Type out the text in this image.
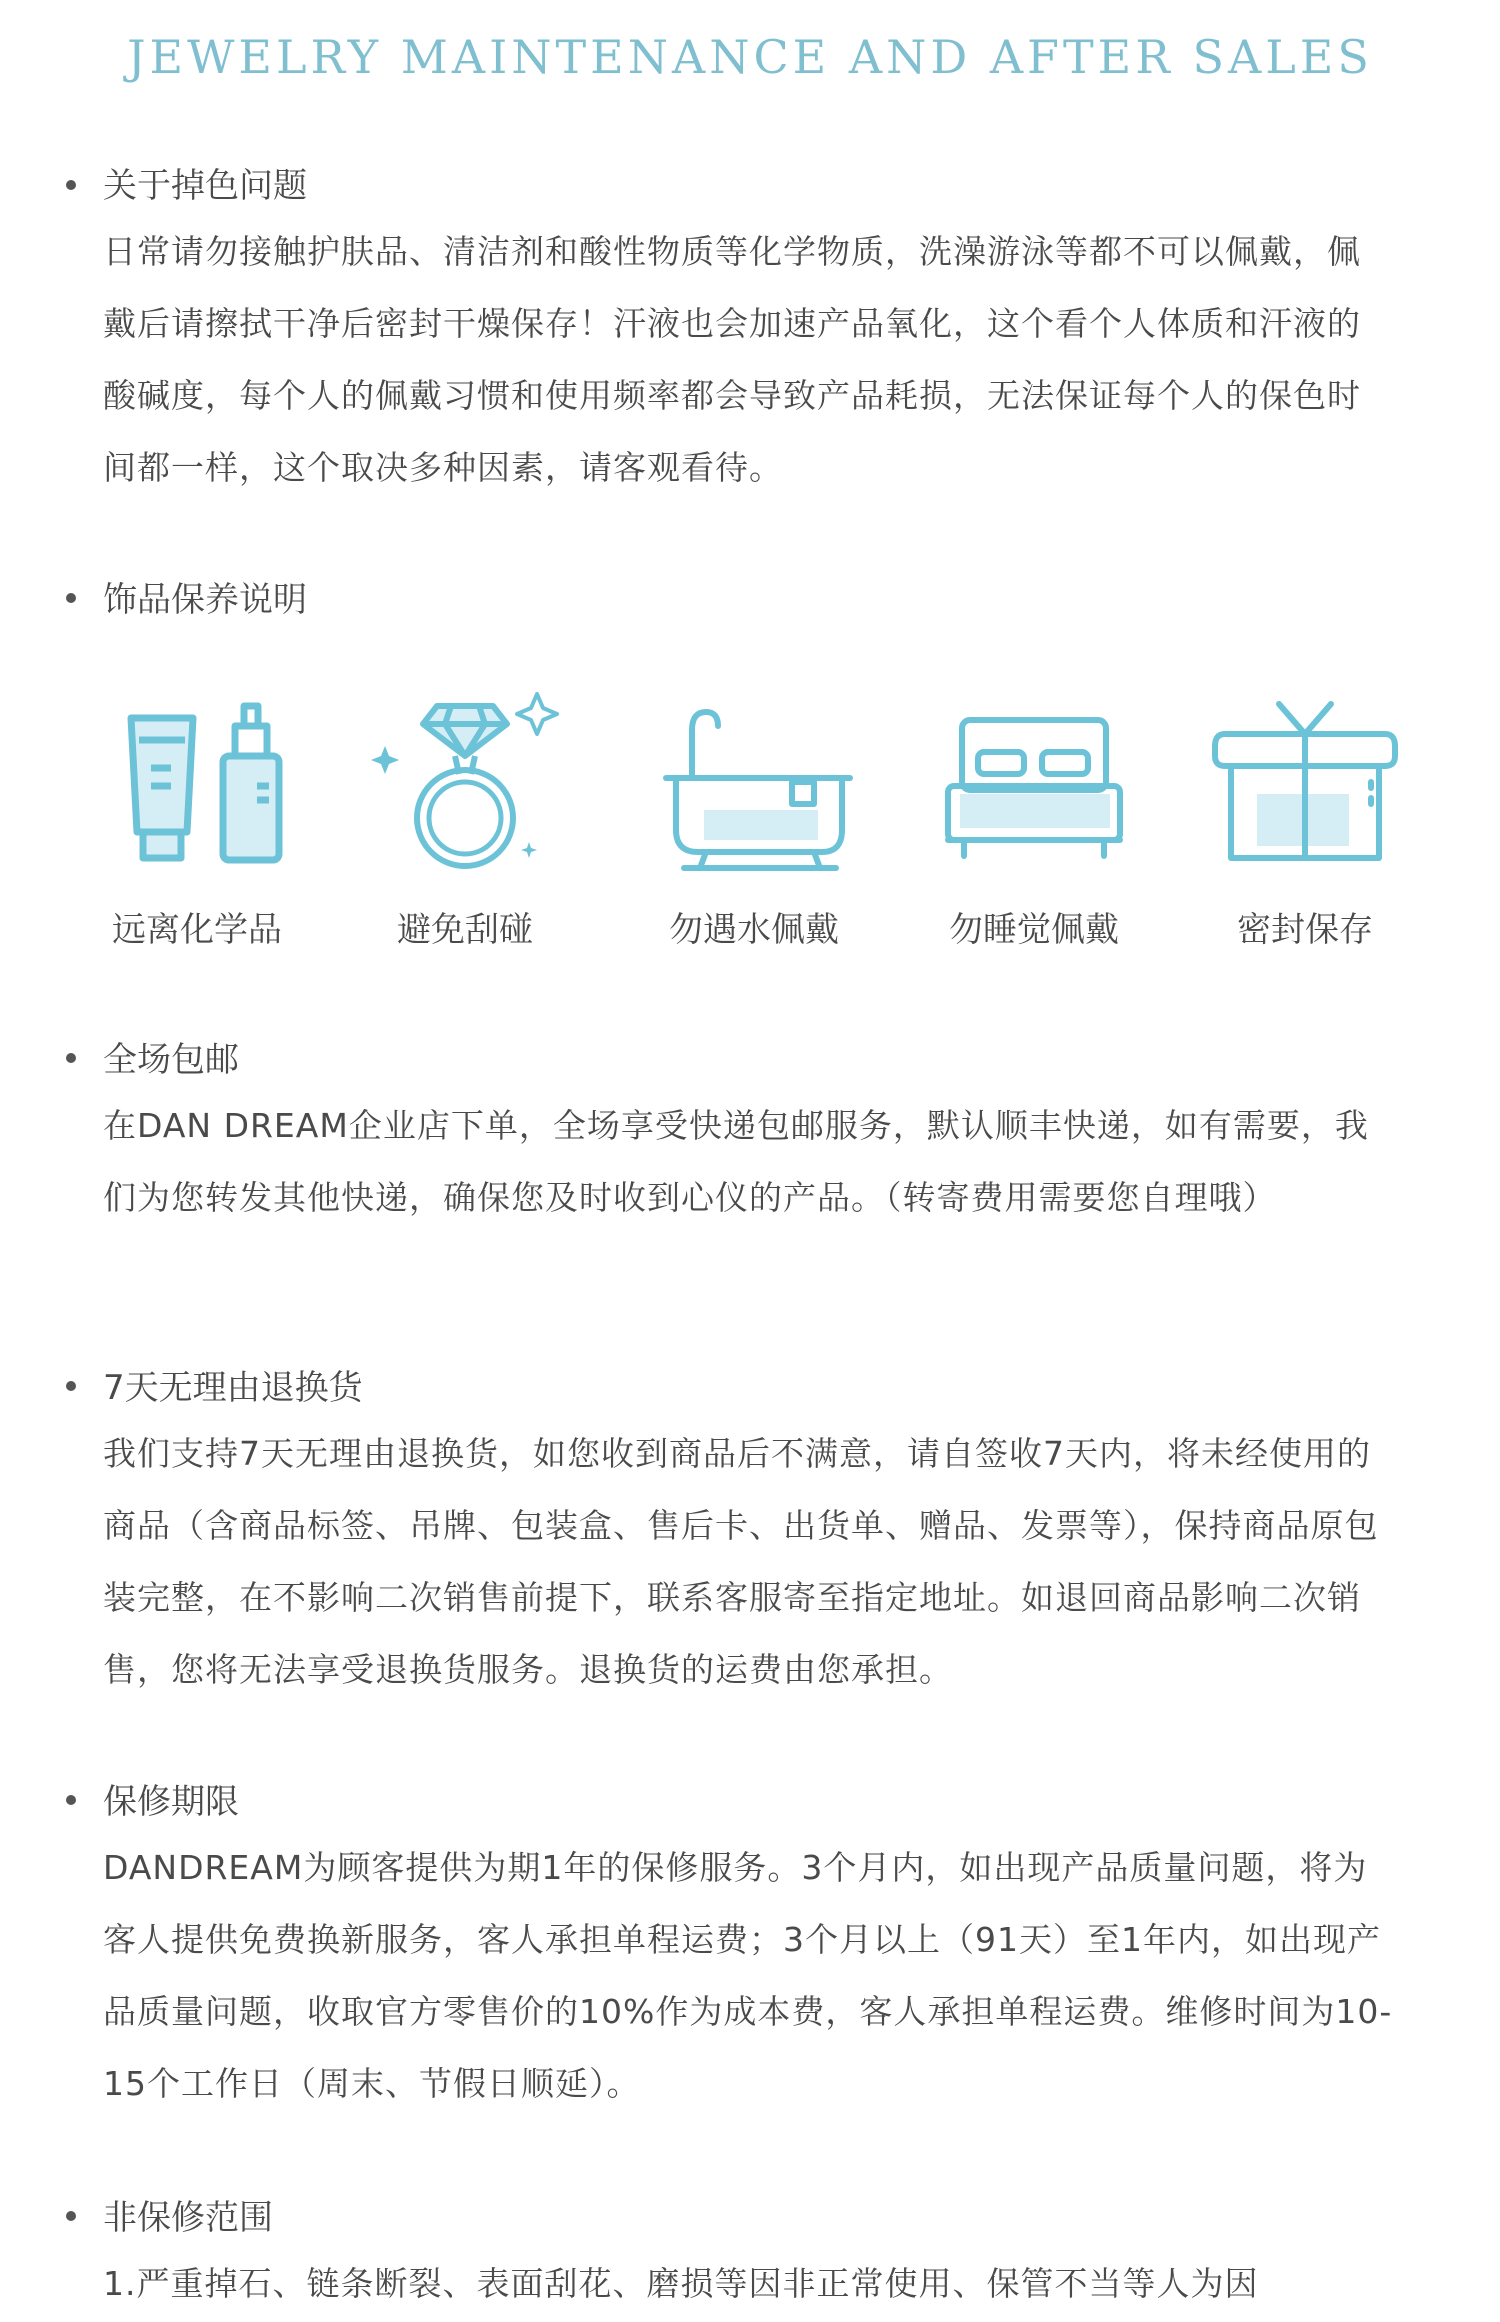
JEWELRY MAINTENANCE AND AFTER SALES
关于掉色问题

日常请勿接触护肤品、清洁剂和酸性物质等化学物质，洗澡游泳等都不可以佩戴，佩戴后请擦拭干净后密封干燥保存！汗液也会加速产品氧化，这个看个人体质和汗液的酸碱度，每个人的佩戴习惯和使用频率都会导致产品耗损，无法保证每个人的保色时间都一样，这个取决多种因素，请客观看待。

饰品保养说明
远离化学品	避免刮碰	勿遇水佩戴	勿睡觉佩戴	密封保存
全场包邮

在DAN DREAM企业店下单，全场享受快递包邮服务，默认顺丰快递，如有需要，我们为您转发其他快递，确保您及时收到心仪的产品。（转寄费用需要您自理哦）

7天无理由退换货

我们支持7天无理由退换货，如您收到商品后不满意，请自签收7天内，将未经使用的商品（含商品标签、吊牌、包装盒、售后卡、出货单、赠品、发票等），保持商品原包装完整，在不影响二次销售前提下，联系客服寄至指定地址。如退回商品影响二次销售，您将无法享受退换货服务。退换货的运费由您承担。

保修期限

DANDREAM为顾客提供为期1年的保修服务。3个月内，如出现产品质量问题，将为客人提供免费换新服务，客人承担单程运费；3个月以上（91天）至1年内，如出现产品质量问题，收取官方零售价的10%作为成本费，客人承担单程运费。维修时间为10-15个工作日（周末、节假日顺延）。

非保修范围

1.严重掉石、链条断裂、表面刮花、磨损等因非正常使用、保管不当等人为因
